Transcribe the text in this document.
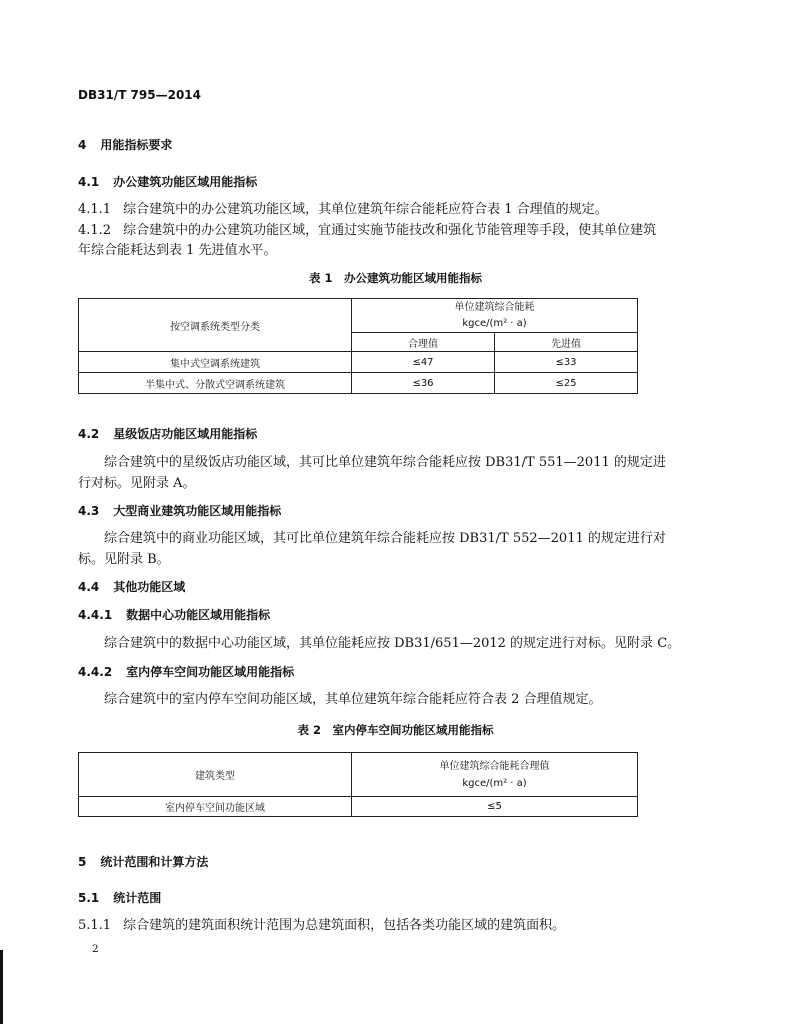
DB31/T 795—2014
4 用能指标要求
4.1 办公建筑功能区域用能指标
4.1.1 综合建筑中的办公建筑功能区域，其单位建筑年综合能耗应符合表 1 合理值的规定。
4.1.2 综合建筑中的办公建筑功能区域，宜通过实施节能技改和强化节能管理等手段，使其单位建筑
年综合能耗达到表 1 先进值水平。
表 1　办公建筑功能区域用能指标
按空调系统类型分类	单位建筑综合能耗
kgce/(m² · a)	
	合理值	先进值
集中式空调系统建筑	≤47	≤33
半集中式、分散式空调系统建筑	≤36	≤25
4.2 星级饭店功能区域用能指标
综合建筑中的星级饭店功能区域，其可比单位建筑年综合能耗应按 DB31/T 551—2011 的规定进
行对标。见附录 A。
4.3 大型商业建筑功能区域用能指标
综合建筑中的商业功能区域，其可比单位建筑年综合能耗应按 DB31/T 552—2011 的规定进行对
标。见附录 B。
4.4 其他功能区域
4.4.1 数据中心功能区域用能指标
综合建筑中的数据中心功能区域，其单位能耗应按 DB31/651—2012 的规定进行对标。见附录 C。
4.4.2 室内停车空间功能区域用能指标
综合建筑中的室内停车空间功能区域，其单位建筑年综合能耗应符合表 2 合理值规定。
表 2　室内停车空间功能区域用能指标
建筑类型	单位建筑综合能耗合理值
kgce/(m² · a)
室内停车空间功能区域	≤5
5 统计范围和计算方法
5.1 统计范围
5.1.1 综合建筑的建筑面积统计范围为总建筑面积，包括各类功能区域的建筑面积。
2
